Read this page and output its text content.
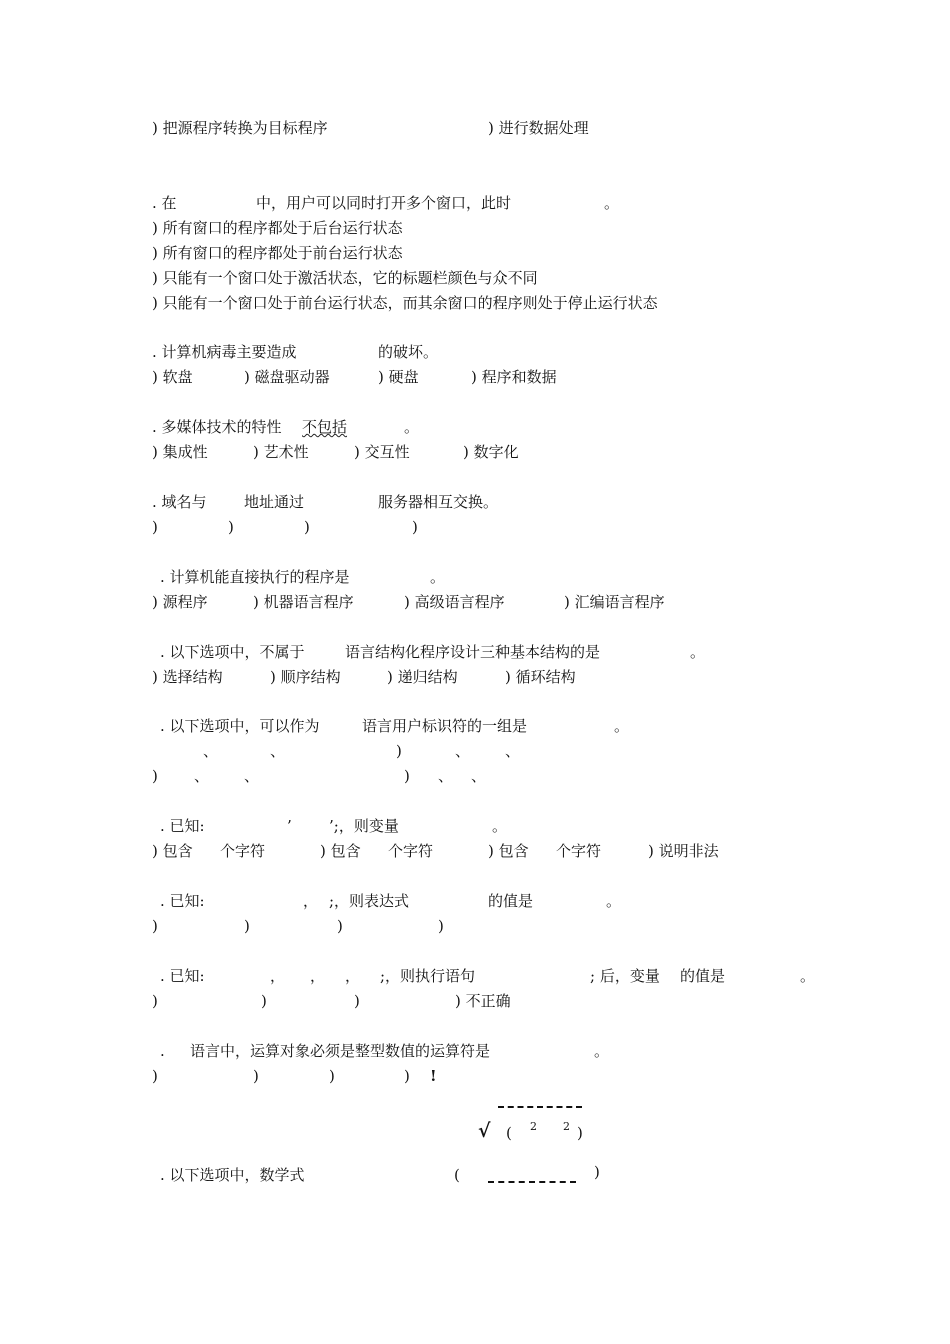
) 把源程序转换为目标程序	) 进行数据处理
. 在	中，用户可以同时打开多个窗口，此时	。
) 所有窗口的程序都处于后台运行状态
) 所有窗口的程序都处于前台运行状态
) 只能有一个窗口处于激活状态，它的标题栏颜色与众不同
) 只能有一个窗口处于前台运行状态，而其余窗口的程序则处于停止运行状态
. 计算机病毒主要造成	的破坏。
) 软盘	) 磁盘驱动器	) 硬盘	) 程序和数据
. 多媒体技术的特性 不包括	。
) 集成性	) 艺术性	) 交互性	) 数字化
. 域名与 地址通过	服务器相互交换。
)	)	)	)
. 计算机能直接执行的程序是	。
) 源程序	) 机器语言程序	) 高级语言程序	) 汇编语言程序
. 以下选项中，不属于	语言结构化程序设计三种基本结构的是	。
) 选择结构	) 顺序结构	) 递归结构	) 循环结构
. 以下选项中，可以作为	语言用户标识符的一组是	。
、	、	)	、 、
) 、 、	) 、 、
. 已知:	’ ’;，则变量	。
) 包含 个字符	) 包含 个字符	) 包含 个字符	) 说明非法
. 已知:	， ;，则表达式	的值是	。
)	)	)	)
. 已知:	， ， ， ;，则执行语句	; 后，变量 的值是	。
)	)	)	) 不正确
. 语言中，运算对象必须是整型数值的运算符是	。
)	)	)	) !
√ ( 2 2 )
. 以下选项中，数学式	(	)
